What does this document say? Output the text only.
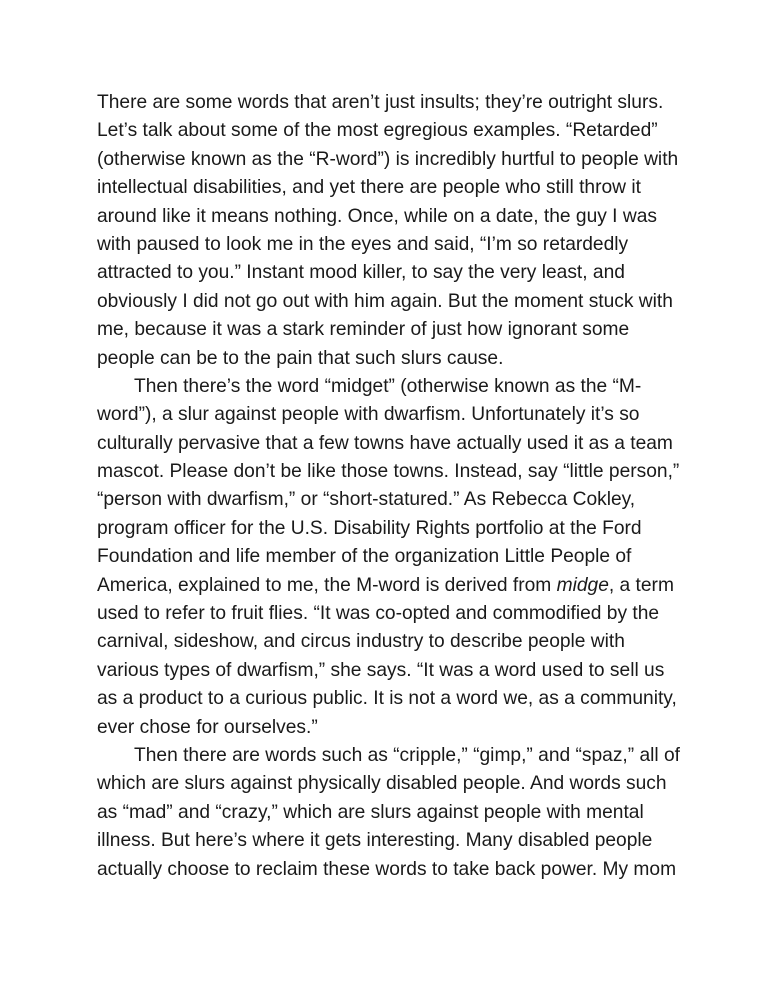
There are some words that aren’t just insults; they’re outright slurs.
Let’s talk about some of the most egregious examples. “Retarded”
(otherwise known as the “R-word”) is incredibly hurtful to people with
intellectual disabilities, and yet there are people who still throw it
around like it means nothing. Once, while on a date, the guy I was
with paused to look me in the eyes and said, “I’m so retardedly
attracted to you.” Instant mood killer, to say the very least, and
obviously I did not go out with him again. But the moment stuck with
me, because it was a stark reminder of just how ignorant some
people can be to the pain that such slurs cause.
Then there’s the word “midget” (otherwise known as the “M-
word”), a slur against people with dwarfism. Unfortunately it’s so
culturally pervasive that a few towns have actually used it as a team
mascot. Please don’t be like those towns. Instead, say “little person,”
“person with dwarfism,” or “short-statured.” As Rebecca Cokley,
program officer for the U.S. Disability Rights portfolio at the Ford
Foundation and life member of the organization Little People of
America, explained to me, the M-word is derived from midge, a term
used to refer to fruit flies. “It was co-opted and commodified by the
carnival, sideshow, and circus industry to describe people with
various types of dwarfism,” she says. “It was a word used to sell us
as a product to a curious public. It is not a word we, as a community,
ever chose for ourselves.”
Then there are words such as “cripple,” “gimp,” and “spaz,” all of
which are slurs against physically disabled people. And words such
as “mad” and “crazy,” which are slurs against people with mental
illness. But here’s where it gets interesting. Many disabled people
actually choose to reclaim these words to take back power. My mom
